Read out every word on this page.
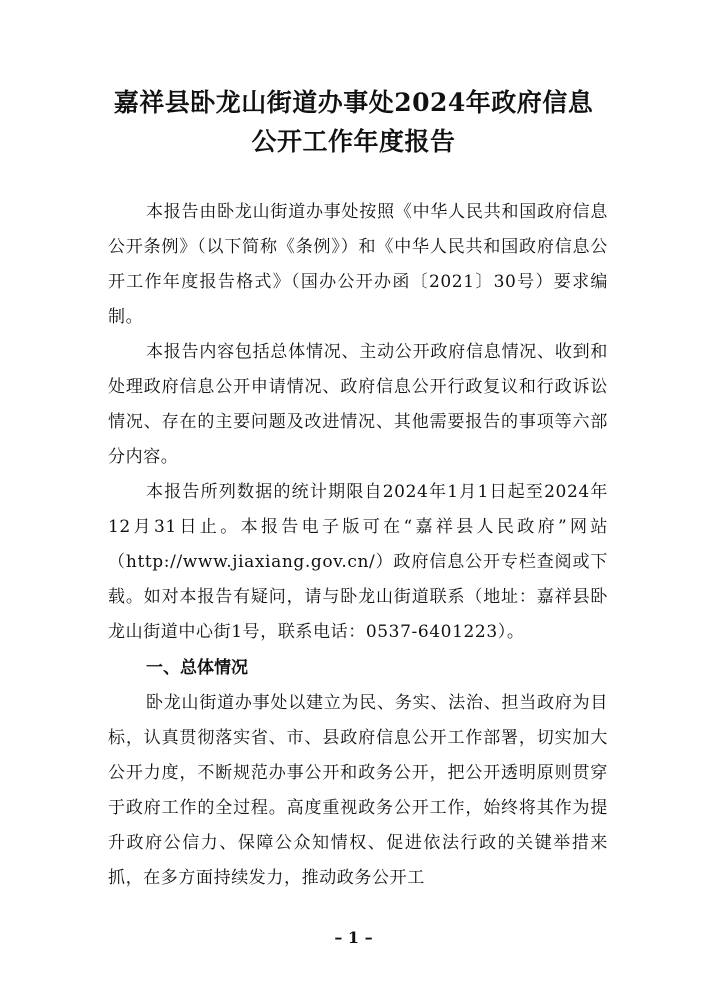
嘉祥县卧龙山街道办事处2024年政府信息
公开工作年度报告

本报告由卧龙山街道办事处按照《中华人民共和国政府信息公开条例》（以下简称《条例》）和《中华人民共和国政府信息公开工作年度报告格式》（国办公开办函〔2021〕30号）要求编制。

本报告内容包括总体情况、主动公开政府信息情况、收到和处理政府信息公开申请情况、政府信息公开行政复议和行政诉讼情况、存在的主要问题及改进情况、其他需要报告的事项等六部分内容。

本报告所列数据的统计期限自2024年1月1日起至2024年12月31日止。本报告电子版可在“嘉祥县人民政府”网站（http://www.jiaxiang.gov.cn/）政府信息公开专栏查阅或下载。如对本报告有疑问，请与卧龙山街道联系（地址：嘉祥县卧龙山街道中心街1号，联系电话：0537-6401223）。

一、总体情况

卧龙山街道办事处以建立为民、务实、法治、担当政府为目标，认真贯彻落实省、市、县政府信息公开工作部署，切实加大公开力度，不断规范办事公开和政务公开，把公开透明原则贯穿于政府工作的全过程。高度重视政务公开工作，始终将其作为提升政府公信力、保障公众知情权、促进依法行政的关键举措来抓，在多方面持续发力，推动政务公开工

– 1 –
